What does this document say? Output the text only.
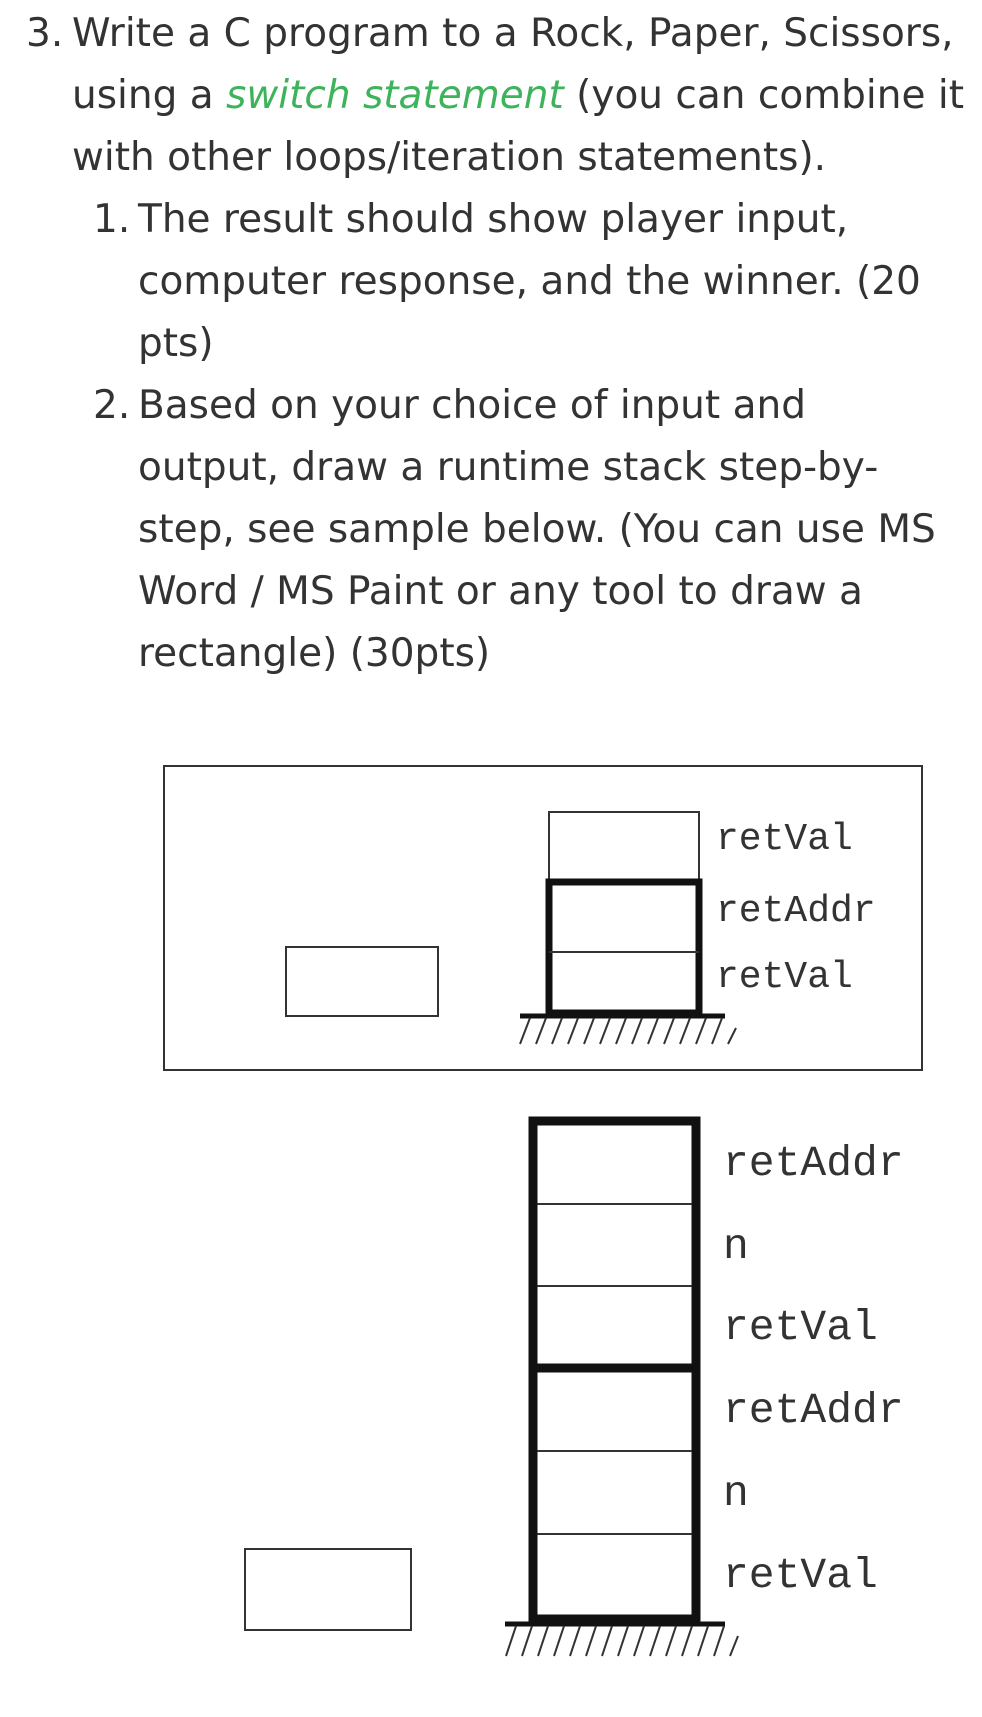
3. Write a C program to a Rock, Paper, Scissors,
using a switch statement (you can combine it
with other loops/iteration statements).
1. The result should show player input,
computer response, and the winner. (20
pts)
2. Based on your choice of input and
output, draw a runtime stack step-by-
step, see sample below. (You can use MS
Word / MS Paint or any tool to draw a
rectangle) (30pts)
retVal
retAddr
retVal
retAddr
n
retVal
retAddr
n
retVal
